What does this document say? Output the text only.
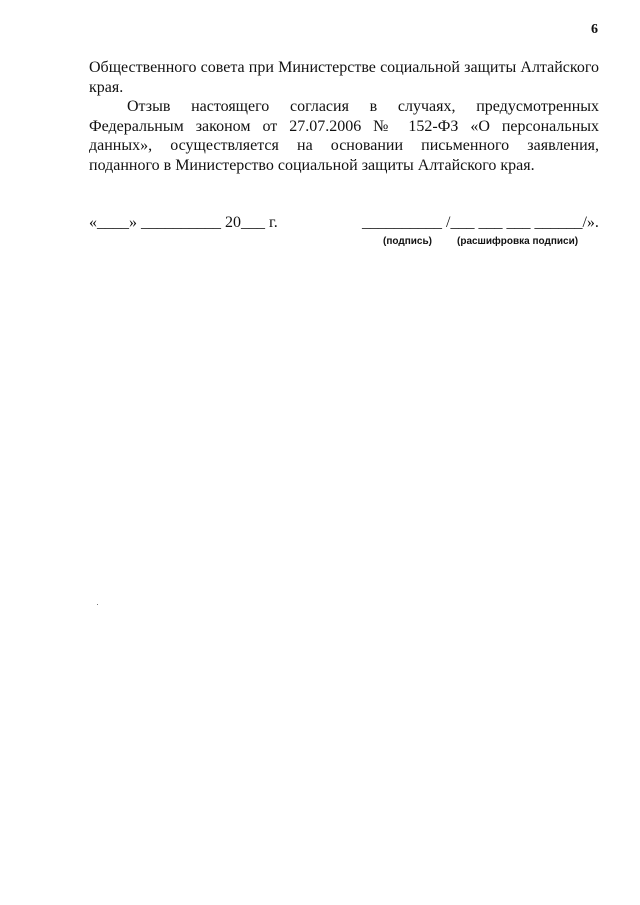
6

Общественного совета при Министерстве социальной защиты Алтайского края.

Отзыв настоящего согласия в случаях, предусмотренных Федеральным законом от 27.07.2006 № 152-ФЗ «О персональных данных», осуществляется на основании письменного заявления, поданного в Министерство социальной защиты Алтайского края.

«____» __________ 20___ г.	__________ /___ ___ ___ ______/».
(подпись)	(расшифровка подписи)
